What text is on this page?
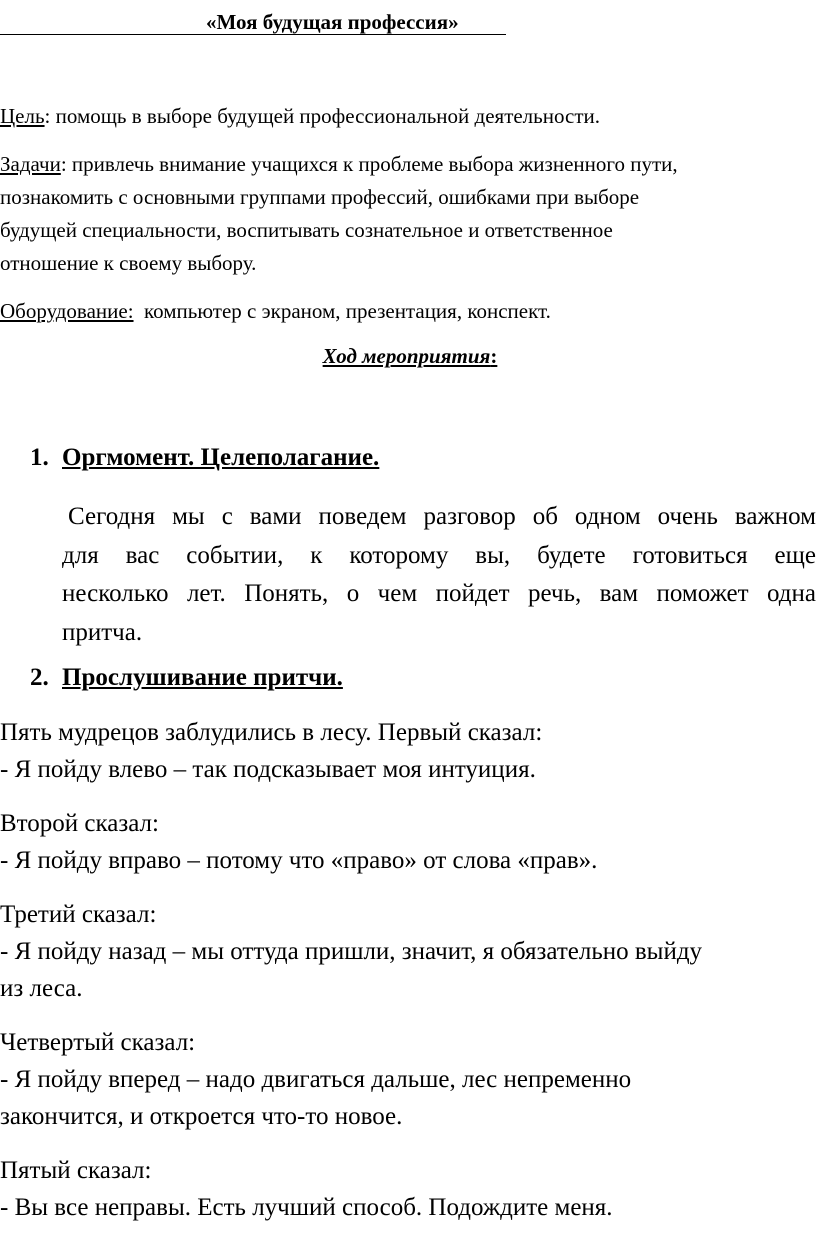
«Моя будущая профессия»
Цель: помощь в выборе будущей профессиональной деятельности.
Задачи: привлечь внимание учащихся к проблеме выбора жизненного пути,
познакомить с основными группами профессий, ошибками при выборе
будущей специальности, воспитывать сознательное и ответственное
отношение к своему выбору.
Оборудование: компьютер с экраном, презентация, конспект.
Ход мероприятия:
1. Оргмомент. Целеполагание.
Сегодня мы с вами поведем разговор об одном очень важном
для вас событии, к которому вы, будете готовиться еще
несколько лет. Понять, о чем пойдет речь, вам поможет одна
притча.
2. Прослушивание притчи.
Пять мудрецов заблудились в лесу. Первый сказал:
- Я пойду влево – так подсказывает моя интуиция.
Второй сказал:
- Я пойду вправо – потому что «право» от слова «прав».
Третий сказал:
- Я пойду назад – мы оттуда пришли, значит, я обязательно выйду
из леса.
Четвертый сказал:
- Я пойду вперед – надо двигаться дальше, лес непременно
закончится, и откроется что-то новое.
Пятый сказал:
- Вы все неправы. Есть лучший способ. Подождите меня.
